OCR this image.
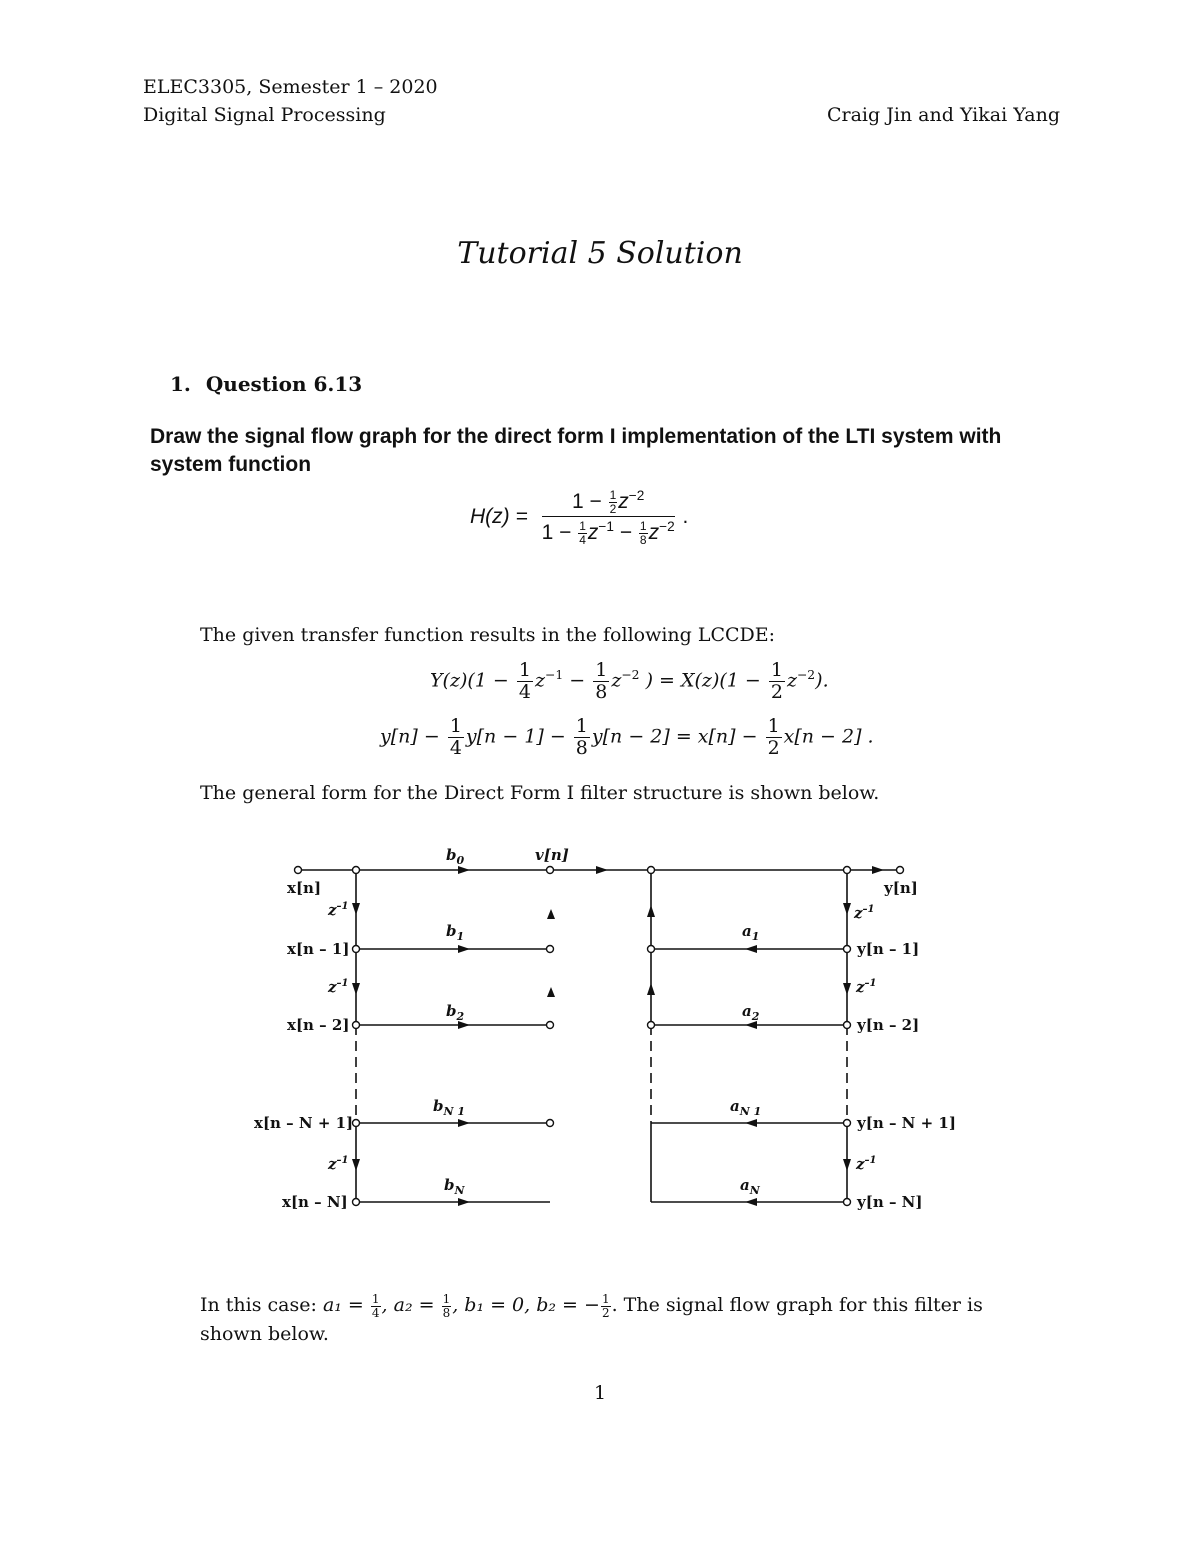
ELEC3305, Semester 1 – 2020
Digital Signal Processing	Craig Jin and Yikai Yang
Tutorial 5 Solution
1. Question 6.13
Draw the signal flow graph for the direct form I implementation of the LTI system with
system function
$H(z) = \frac{1 - \frac{1}{2} z^{-2}}{1 - \frac{1}{4} z^{-1} - \frac{1}{8} z^{-2}}$ .
The given transfer function results in the following LCCDE:
$Y(z)(1 - \frac{1}{4} z^{-1} - \frac{1}{8} z^{-2}$ ) = $X(z)(1 - \frac{1}{2} z^{-2})$.
$y[n] - \frac{1}{4} y[n - 1] - \frac{1}{8} y[n - 2] = x[n] - \frac{1}{2} x[n - 2]$ .
The general form for the Direct Form I filter structure is shown below.
x[n]
x[n – 1]
x[n – 2]
x[n – N + 1]
x[n – N]
y[n]
y[n – 1]
y[n – 2]
y[n – N + 1]
y[n – N]
$z^{-1}$
$z^{-1}$
$z^{-1}$
$z^{-1}$
$z^{-1}$
$z^{-1}$
$b_0$
$b_1$
$b_2$
$b_{N 1}$
$b_N$
$a_1$
$a_2$
$a_{N 1}$
$a_N$
v[n]
In this case: $a_1 = \frac{1}{4}$ , $a_2 = \frac{1}{8}$ , b₁ = 0, b₂ = − $\frac{1}{2}$ . The signal flow graph for this filter is
shown below.
1
